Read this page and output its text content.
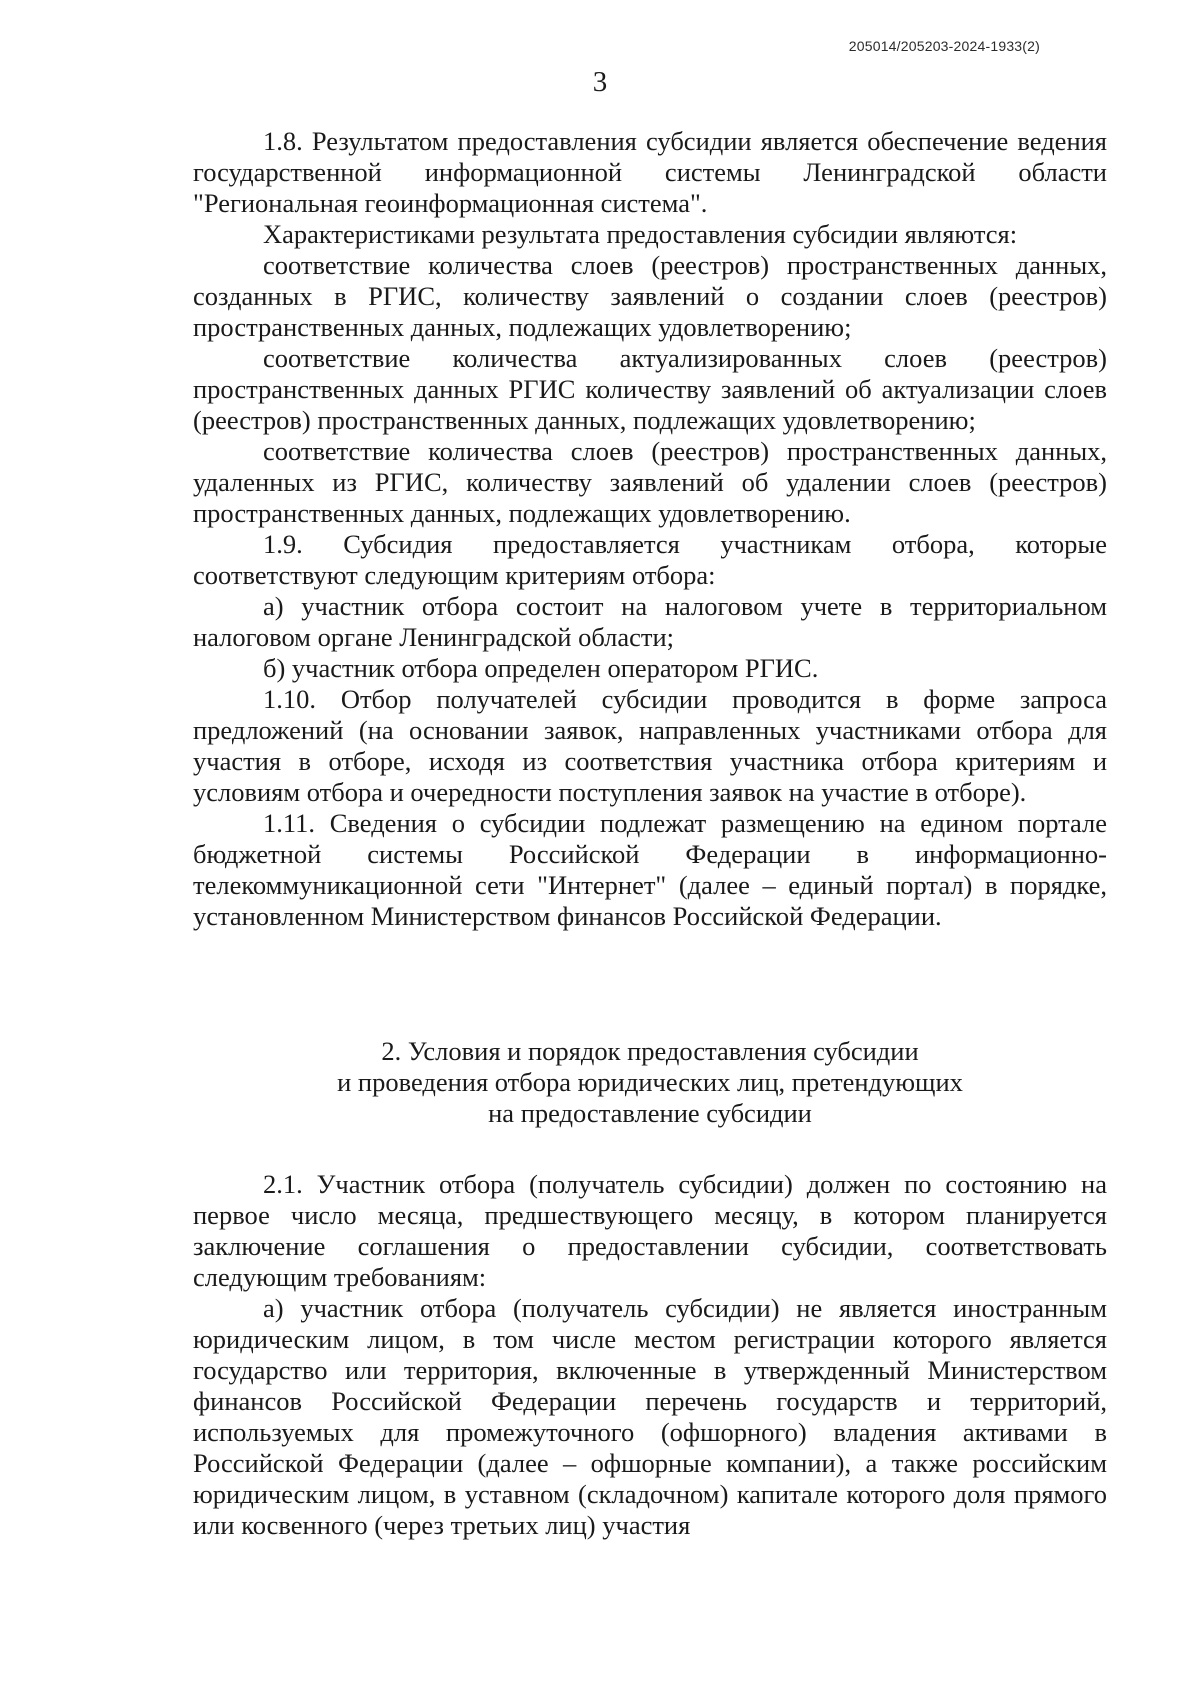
205014/205203-2024-1933(2)
3

1.8. Результатом предоставления субсидии является обеспечение ведения государственной информационной системы Ленинградской области "Региональная геоинформационная система".

Характеристиками результата предоставления субсидии являются:

соответствие количества слоев (реестров) пространственных данных, созданных в РГИС, количеству заявлений о создании слоев (реестров) пространственных данных, подлежащих удовлетворению;

соответствие количества актуализированных слоев (реестров) пространственных данных РГИС количеству заявлений об актуализации слоев (реестров) пространственных данных, подлежащих удовлетворению;

соответствие количества слоев (реестров) пространственных данных, удаленных из РГИС, количеству заявлений об удалении слоев (реестров) пространственных данных, подлежащих удовлетворению.

1.9. Субсидия предоставляется участникам отбора, которые соответствуют следующим критериям отбора:

а) участник отбора состоит на налоговом учете в территориальном налоговом органе Ленинградской области;

б) участник отбора определен оператором РГИС.

1.10. Отбор получателей субсидии проводится в форме запроса предложений (на основании заявок, направленных участниками отбора для участия в отборе, исходя из соответствия участника отбора критериям и условиям отбора и очередности поступления заявок на участие в отборе).

1.11. Сведения о субсидии подлежат размещению на едином портале бюджетной системы Российской Федерации в информационно-телекоммуникационной сети "Интернет" (далее – единый портал) в порядке, установленном Министерством финансов Российской Федерации.

2. Условия и порядок предоставления субсидии
и проведения отбора юридических лиц, претендующих
на предоставление субсидии

2.1. Участник отбора (получатель субсидии) должен по состоянию на первое число месяца, предшествующего месяцу, в котором планируется заключение соглашения о предоставлении субсидии, соответствовать следующим требованиям:

а) участник отбора (получатель субсидии) не является иностранным юридическим лицом, в том числе местом регистрации которого является государство или территория, включенные в утвержденный Министерством финансов Российской Федерации перечень государств и территорий, используемых для промежуточного (офшорного) владения активами в Российской Федерации (далее – офшорные компании), а также российским юридическим лицом, в уставном (складочном) капитале которого доля прямого или косвенного (через третьих лиц) участия
